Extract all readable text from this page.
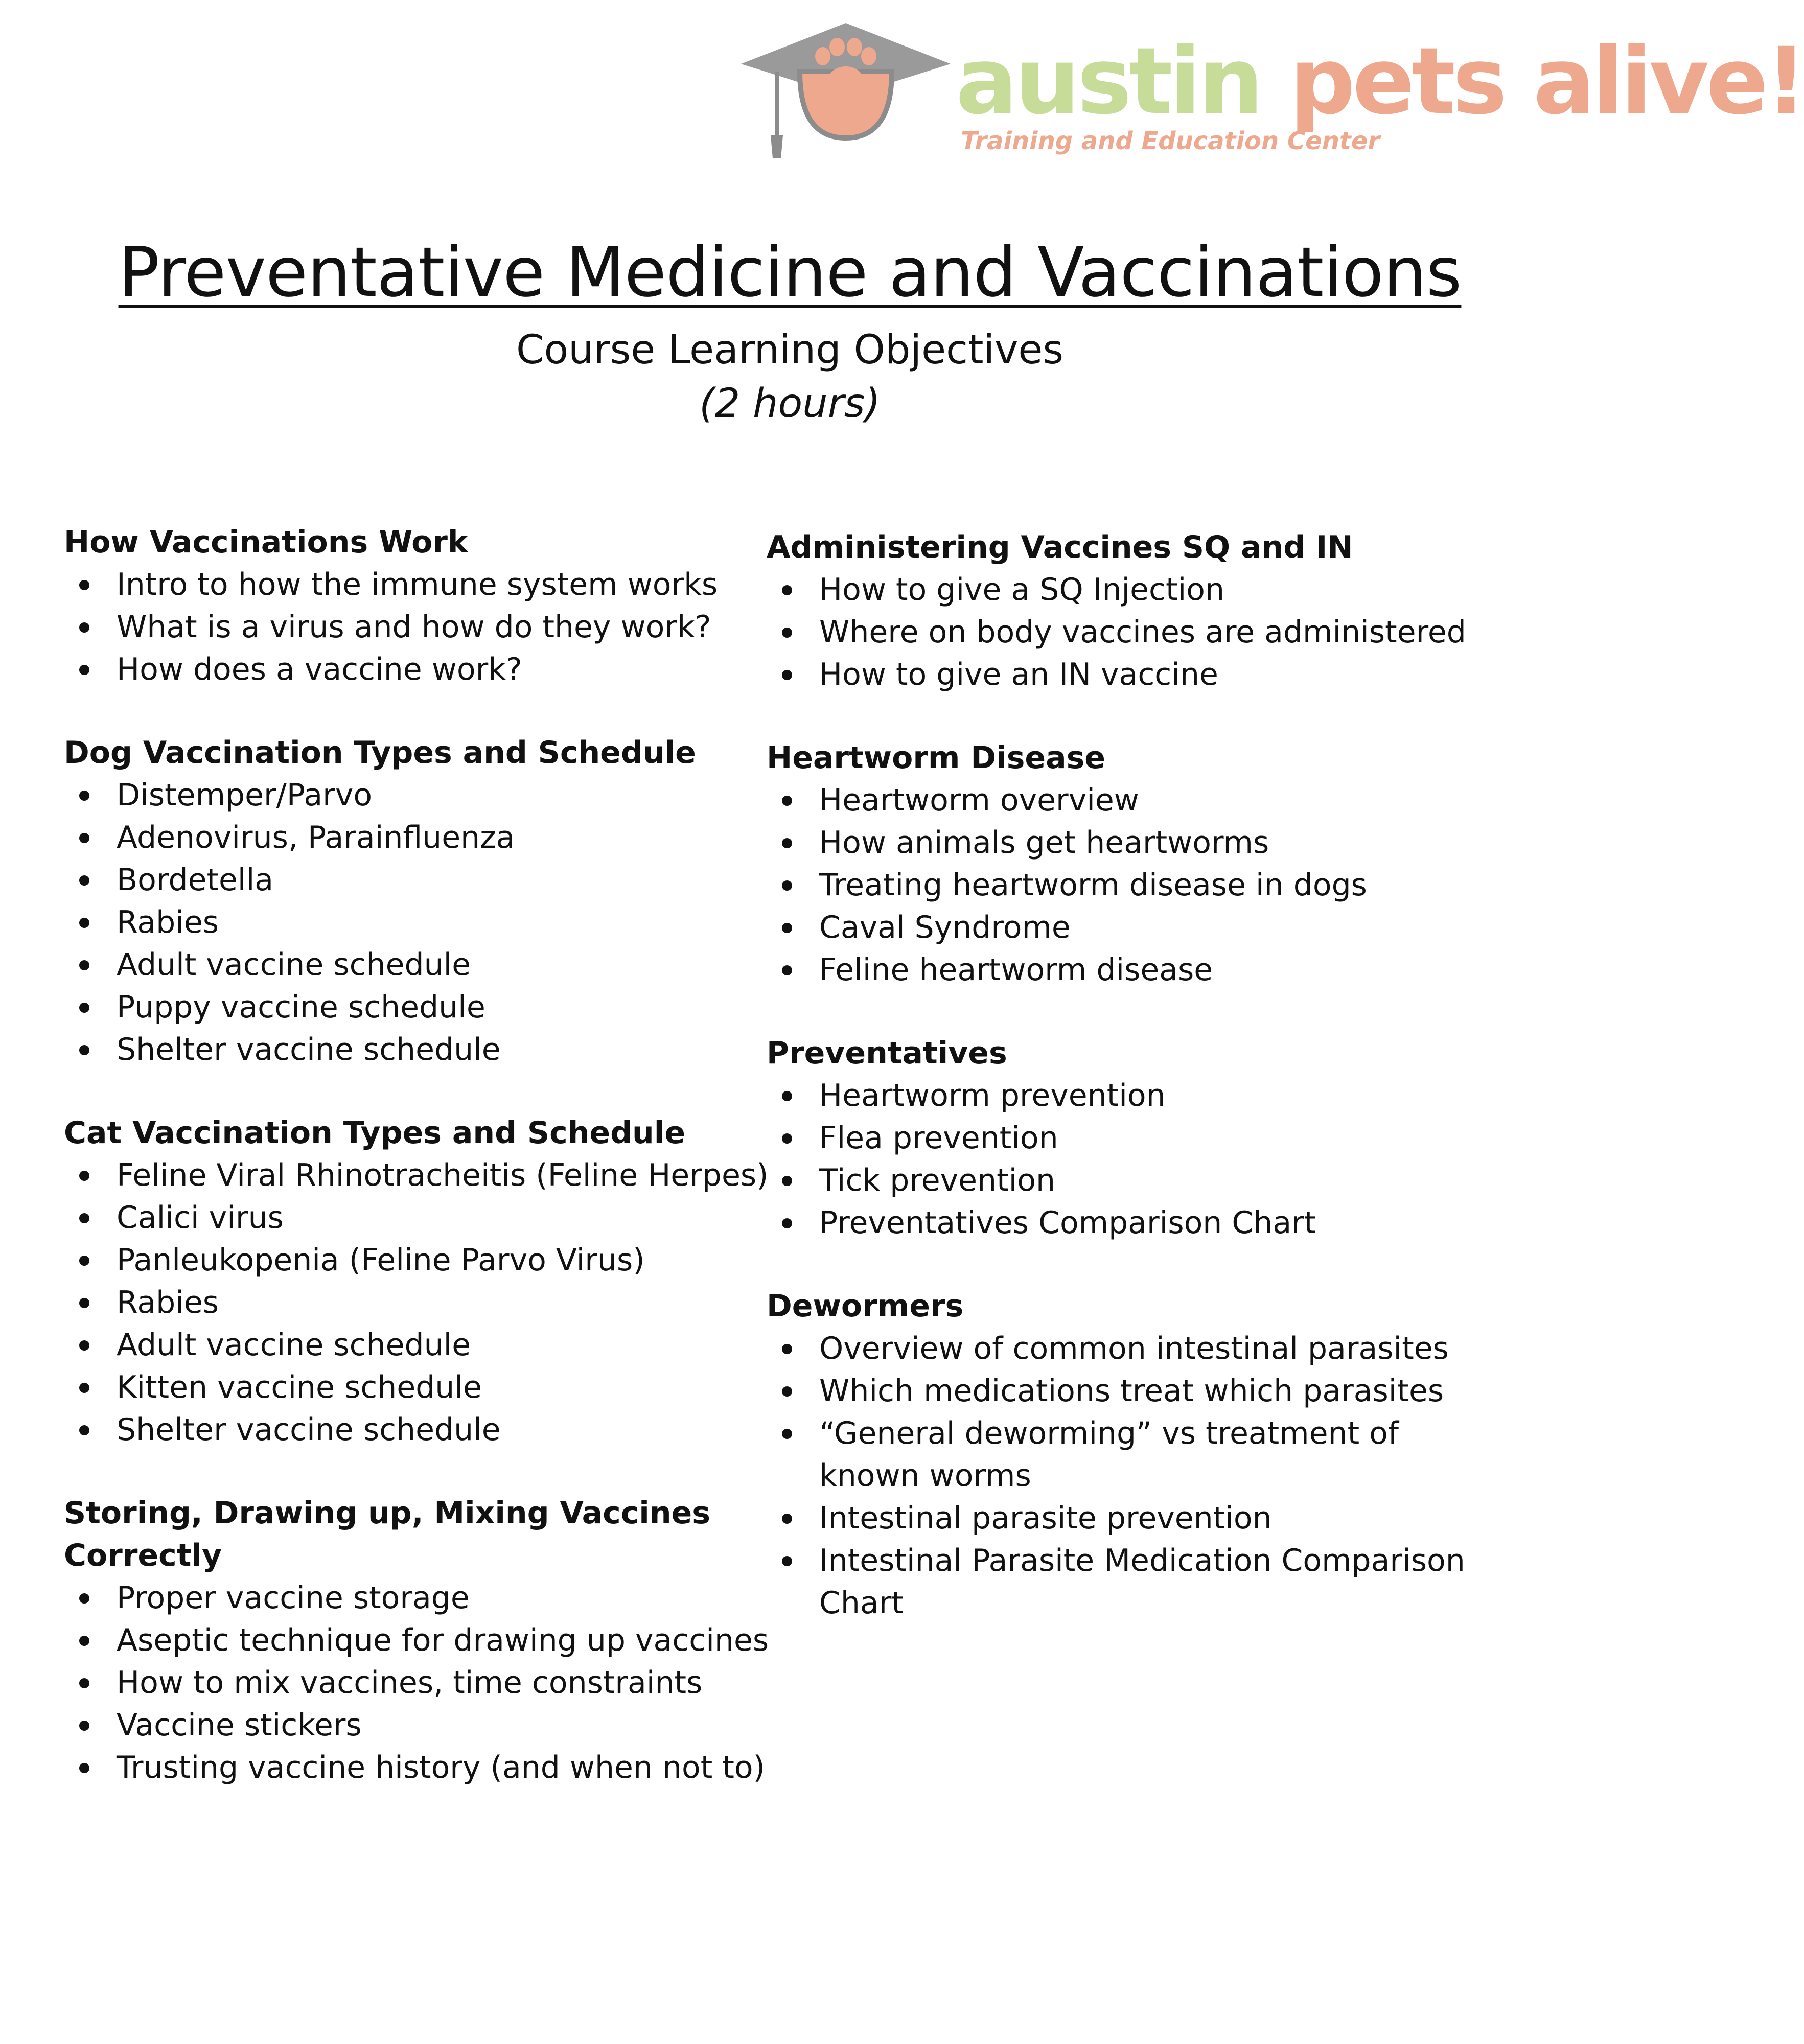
austin pets alive!
Training and Education Center
Preventative Medicine and Vaccinations
Course Learning Objectives
(2 hours)
How Vaccinations Work
Intro to how the immune system works
What is a virus and how do they work?
How does a vaccine work?
Dog Vaccination Types and Schedule
Distemper/Parvo
Adenovirus, Parainfluenza
Bordetella
Rabies
Adult vaccine schedule
Puppy vaccine schedule
Shelter vaccine schedule
Cat Vaccination Types and Schedule
Feline Viral Rhinotracheitis (Feline Herpes)
Calici virus
Panleukopenia (Feline Parvo Virus)
Rabies
Adult vaccine schedule
Kitten vaccine schedule
Shelter vaccine schedule
Storing, Drawing up, Mixing Vaccines Correctly
Proper vaccine storage
Aseptic technique for drawing up vaccines
How to mix vaccines, time constraints
Vaccine stickers
Trusting vaccine history (and when not to)
Administering Vaccines SQ and IN
How to give a SQ Injection
Where on body vaccines are administered
How to give an IN vaccine
Heartworm Disease
Heartworm overview
How animals get heartworms
Treating heartworm disease in dogs
Caval Syndrome
Feline heartworm disease
Preventatives
Heartworm prevention
Flea prevention
Tick prevention
Preventatives Comparison Chart
Dewormers
Overview of common intestinal parasites
Which medications treat which parasites
“General deworming” vs treatment of known worms
Intestinal parasite prevention
Intestinal Parasite Medication Comparison Chart
